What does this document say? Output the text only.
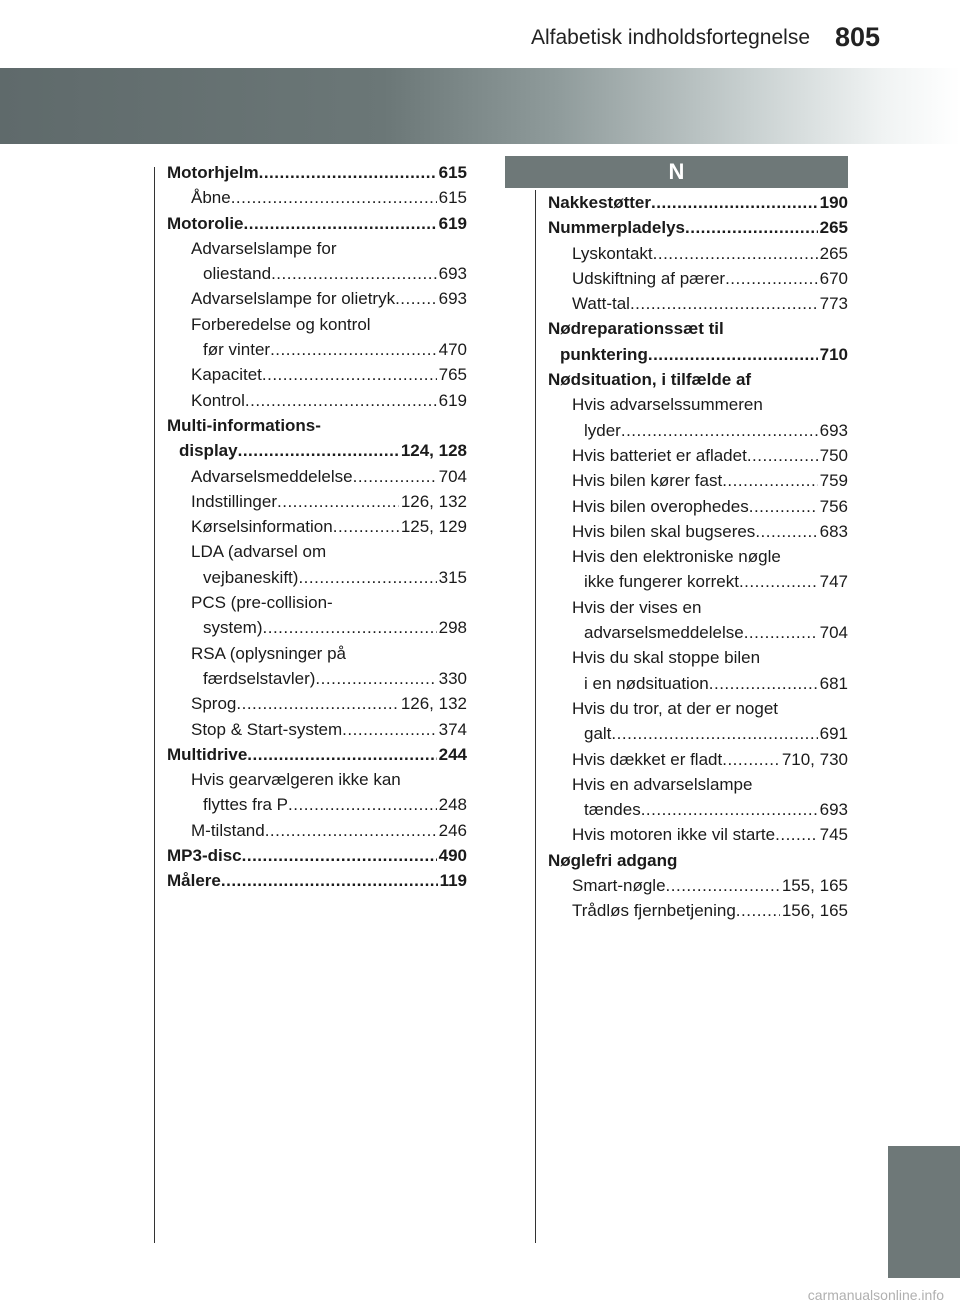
Alfabetisk indholdsfortegnelse 805
Motorhjelm .....	615
Åbne .....	615
Motorolie .....	619
Advarselslampe for
oliestand .....	693
Advarselslampe for olietryk .....	693
Forberedelse og kontrol
før vinter .....	470
Kapacitet .....	765
Kontrol .....	619
Multi-informations-
display .....	124, 128
Advarselsmeddelelse .....	704
Indstillinger .....	126, 132
Kørselsinformation .....	125, 129
LDA (advarsel om
vejbaneskift) .....	315
PCS (pre-collision-
system) .....	298
RSA (oplysninger på
færdselstavler) .....	330
Sprog .....	126, 132
Stop & Start-system .....	374
Multidrive .....	244
Hvis gearvælgeren ikke kan
flyttes fra P .....	248
M-tilstand .....	246
MP3-disc .....	490
Målere .....	119
N
Nakkestøtter .....	190
Nummerpladelys .....	265
Lyskontakt .....	265
Udskiftning af pærer .....	670
Watt-tal .....	773
Nødreparationssæt til
punktering .....	710
Nødsituation, i tilfælde af
Hvis advarselssummeren
lyder .....	693
Hvis batteriet er afladet .....	750
Hvis bilen kører fast .....	759
Hvis bilen overophedes .....	756
Hvis bilen skal bugseres .....	683
Hvis den elektroniske nøgle
ikke fungerer korrekt .....	747
Hvis der vises en
advarselsmeddelelse .....	704
Hvis du skal stoppe bilen
i en nødsituation .....	681
Hvis du tror, at der er noget
galt .....	691
Hvis dækket er fladt .....	710, 730
Hvis en advarselslampe
tændes .....	693
Hvis motoren ikke vil starte .....	745
Nøglefri adgang
Smart-nøgle .....	155, 165
Trådløs fjernbetjening .....	156, 165
carmanualsonline.info
